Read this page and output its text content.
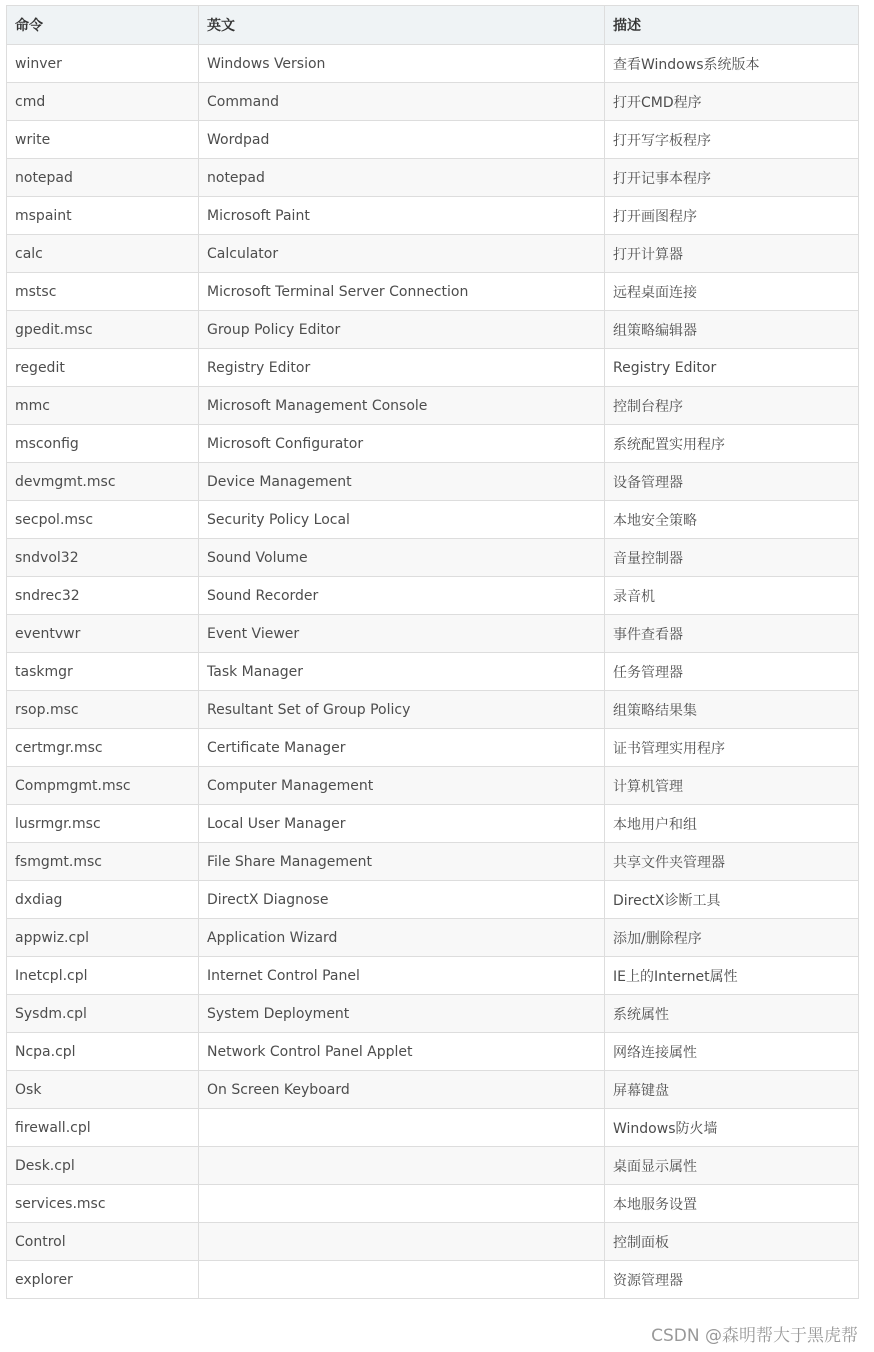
命令	英文	描述
winver	Windows Version	查看Windows系统版本
cmd	Command	打开CMD程序
write	Wordpad	打开写字板程序
notepad	notepad	打开记事本程序
mspaint	Microsoft Paint	打开画图程序
calc	Calculator	打开计算器
mstsc	Microsoft Terminal Server Connection	远程桌面连接
gpedit.msc	Group Policy Editor	组策略编辑器
regedit	Registry Editor	Registry Editor
mmc	Microsoft Management Console	控制台程序
msconfig	Microsoft Configurator	系统配置实用程序
devmgmt.msc	Device Management	设备管理器
secpol.msc	Security Policy Local	本地安全策略
sndvol32	Sound Volume	音量控制器
sndrec32	Sound Recorder	录音机
eventvwr	Event Viewer	事件查看器
taskmgr	Task Manager	任务管理器
rsop.msc	Resultant Set of Group Policy	组策略结果集
certmgr.msc	Certificate Manager	证书管理实用程序
Compmgmt.msc	Computer Management	计算机管理
lusrmgr.msc	Local User Manager	本地用户和组
fsmgmt.msc	File Share Management	共享文件夹管理器
dxdiag	DirectX Diagnose	DirectX诊断工具
appwiz.cpl	Application Wizard	添加/删除程序
Inetcpl.cpl	Internet Control Panel	IE上的Internet属性
Sysdm.cpl	System Deployment	系统属性
Ncpa.cpl	Network Control Panel Applet	网络连接属性
Osk	On Screen Keyboard	屏幕键盘
firewall.cpl		Windows防火墙
Desk.cpl		桌面显示属性
services.msc		本地服务设置
Control		控制面板
explorer		资源管理器
CSDN @森明帮大于黑虎帮
